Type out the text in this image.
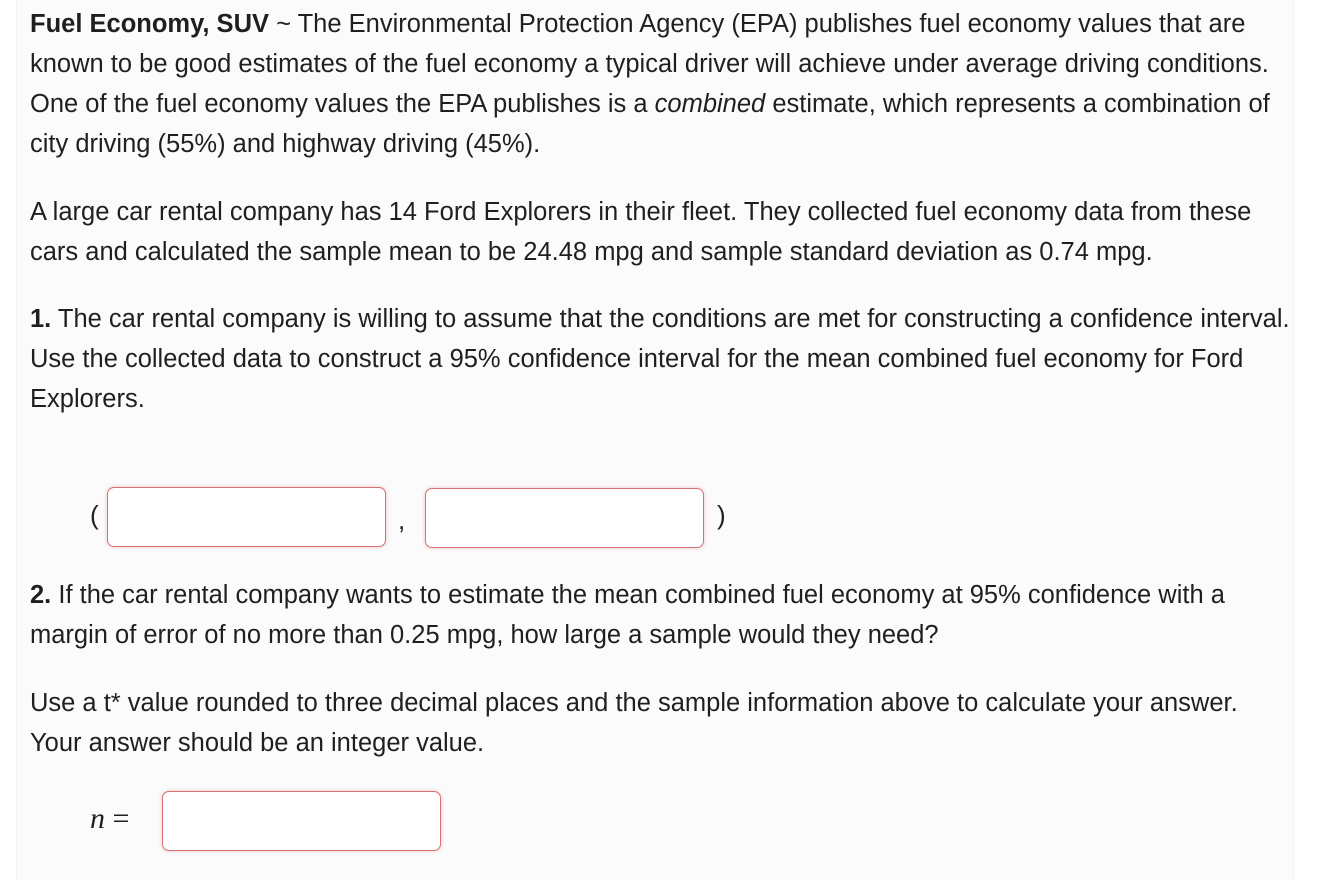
Fuel Economy, SUV ~ The Environmental Protection Agency (EPA) publishes fuel economy values that are known to be good estimates of the fuel economy a typical driver will achieve under average driving conditions. One of the fuel economy values the EPA publishes is a combined estimate, which represents a combination of city driving (55%) and highway driving (45%).

A large car rental company has 14 Ford Explorers in their fleet. They collected fuel economy data from these cars and calculated the sample mean to be 24.48 mpg and sample standard deviation as 0.74 mpg.

1. The car rental company is willing to assume that the conditions are met for constructing a confidence interval. Use the collected data to construct a 95% confidence interval for the mean combined fuel economy for Ford Explorers.

(	,	)

2. If the car rental company wants to estimate the mean combined fuel economy at 95% confidence with a margin of error of no more than 0.25 mpg, how large a sample would they need?

Use a t* value rounded to three decimal places and the sample information above to calculate your answer. Your answer should be an integer value.

n =
